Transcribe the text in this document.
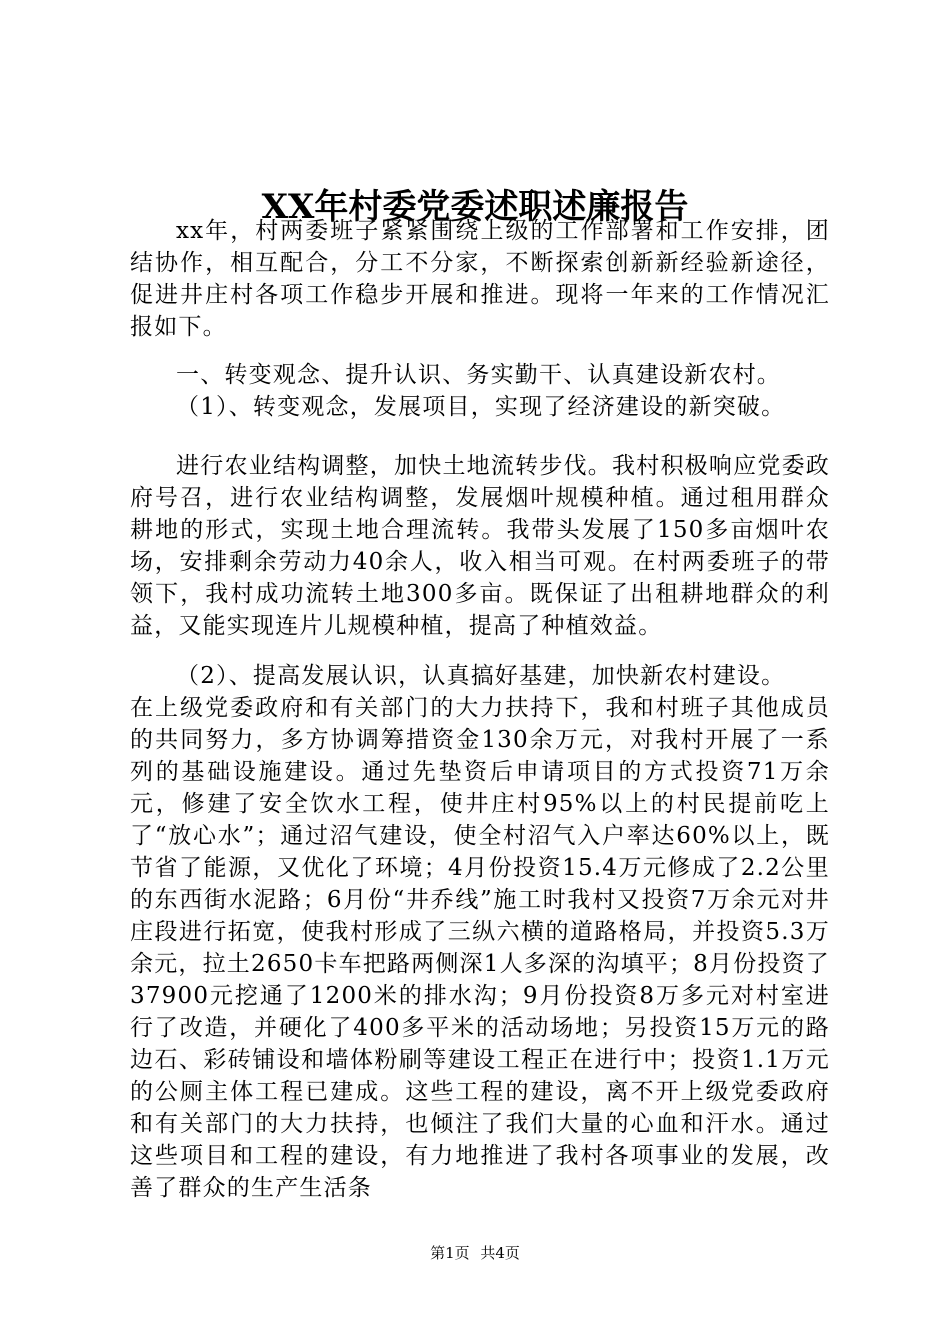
XX年村委党委述职述廉报告

xx年，村两委班子紧紧围绕上级的工作部署和工作安排，团结协作，相互配合，分工不分家，不断探索创新新经验新途径，促进井庄村各项工作稳步开展和推进。现将一年来的工作情况汇报如下。

一、转变观念、提升认识、务实勤干、认真建设新农村。

（1）、转变观念，发展项目，实现了经济建设的新突破。

进行农业结构调整，加快土地流转步伐。我村积极响应党委政府号召，进行农业结构调整，发展烟叶规模种植。通过租用群众耕地的形式，实现土地合理流转。我带头发展了150多亩烟叶农场，安排剩余劳动力40余人，收入相当可观。在村两委班子的带领下，我村成功流转土地300多亩。既保证了出租耕地群众的利益，又能实现连片儿规模种植，提高了种植效益。

（2）、提高发展认识，认真搞好基建，加快新农村建设。

在上级党委政府和有关部门的大力扶持下，我和村班子其他成员的共同努力，多方协调筹措资金130余万元，对我村开展了一系列的基础设施建设。通过先垫资后申请项目的方式投资71万余元，修建了安全饮水工程，使井庄村95%以上的村民提前吃上了“放心水”；通过沼气建设，使全村沼气入户率达60%以上，既节省了能源，又优化了环境；4月份投资15.4万元修成了2.2公里的东西街水泥路；6月份“井乔线”施工时我村又投资7万余元对井庄段进行拓宽，使我村形成了三纵六横的道路格局，并投资5.3万余元，拉土2650卡车把路两侧深1人多深的沟填平；8月份投资了37900元挖通了1200米的排水沟；9月份投资8万多元对村室进行了改造，并硬化了400多平米的活动场地；另投资15万元的路边石、彩砖铺设和墙体粉刷等建设工程正在进行中；投资1.1万元的公厕主体工程已建成。这些工程的建设，离不开上级党委政府和有关部门的大力扶持，也倾注了我们大量的心血和汗水。通过这些项目和工程的建设，有力地推进了我村各项事业的发展，改善了群众的生产生活条

第1页 共4页
